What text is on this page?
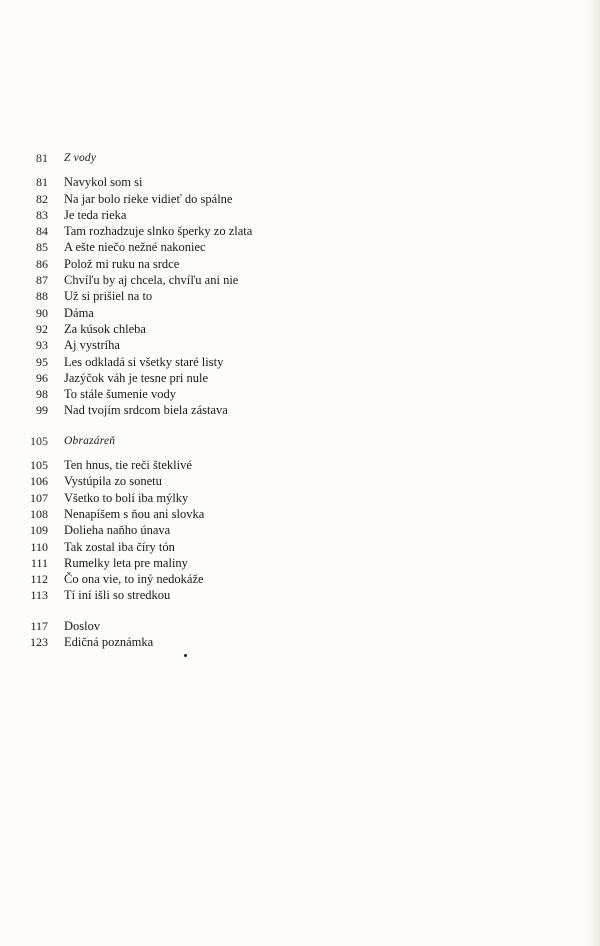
81 Z vody
81 Navykol som si
82 Na jar bolo rieke vidieť do spálne
83 Je teda rieka
84 Tam rozhadzuje slnko šperky zo zlata
85 A ešte niečo nežné nakoniec
86 Polož mi ruku na srdce
87 Chvíľu by aj chcela, chvíľu ani nie
88 Už si prišiel na to
90 Dáma
92 Za kúsok chleba
93 Aj vystríha
95 Les odkladá si všetky staré listy
96 Jazýčok váh je tesne pri nule
98 To stále šumenie vody
99 Nad tvojím srdcom biela zástava
105 Obrazáreň
105 Ten hnus, tie reči šteklivé
106 Vystúpila zo sonetu
107 Všetko to bolí iba mýlky
108 Nenapíšem s ňou ani slovka
109 Dolieha naňho únava
110 Tak zostal iba číry tón
111 Rumelky leta pre maliny
112 Čo ona vie, to iný nedokáže
113 Tí iní išli so stredkou
117 Doslov
123 Edičná poznámka
